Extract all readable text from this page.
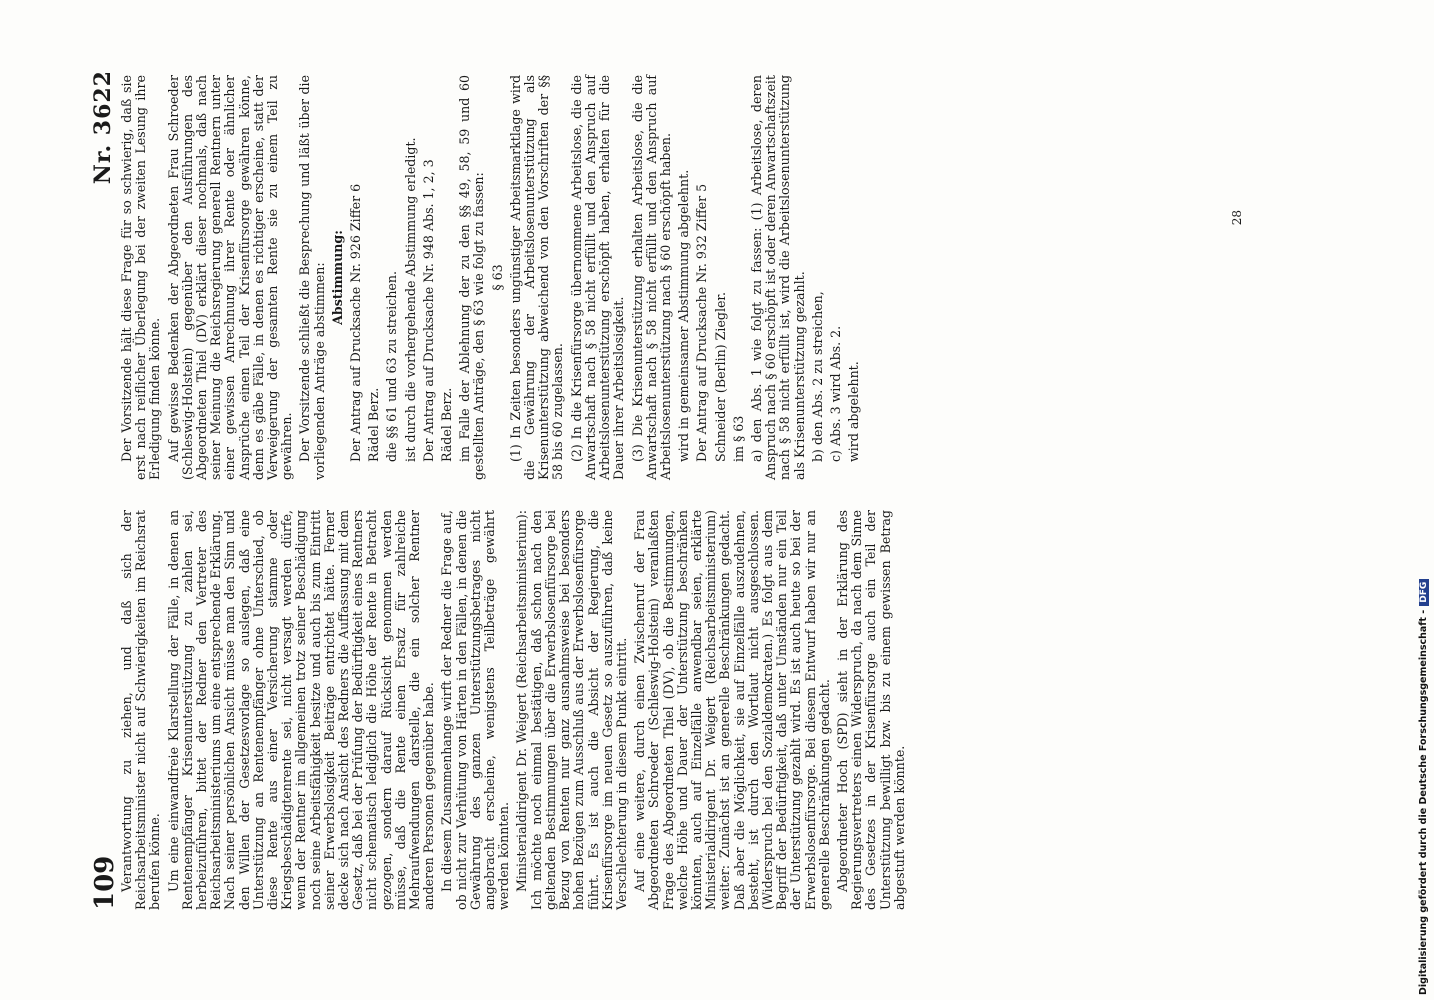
109
Nr. 3622

Verantwortung zu ziehen, und daß sich der Reichsarbeitsminister nicht auf Schwierigkeiten im Reichsrat berufen könne. Um eine einwandfreie Klarstellung der Fälle, in denen an Rentenempfänger Krisenunterstützung zu zahlen sei, herbeizuführen, bittet der Redner den Vertreter des Reichsarbeitsministeriums um eine entsprechende Erklärung. Nach seiner persönlichen Ansicht müsse man den Sinn und den Willen der Gesetzesvorlage so auslegen, daß eine Unterstützung an Rentenempfänger ohne Unterschied, ob diese Rente aus einer Versicherung stamme oder Kriegsbeschädigtenrente sei, nicht versagt werden dürfe, wenn der Rentner im allgemeinen trotz seiner Beschädigung noch seine Arbeitsfähigkeit besitze und auch bis zum Eintritt seiner Erwerbslosigkeit Beiträge entrichtet hätte. Ferner decke sich nach Ansicht des Redners die Auffassung mit dem Gesetz, daß bei der Prüfung der Bedürftigkeit eines Rentners nicht schematisch lediglich die Höhe der Rente in Betracht gezogen, sondern darauf Rücksicht genommen werden müsse, daß die Rente einen Ersatz für zahlreiche Mehraufwendungen darstelle, die ein solcher Rentner anderen Personen gegenüber habe. In diesem Zusammenhange wirft der Redner die Frage auf, ob nicht zur Verhütung von Härten in den Fällen, in denen die Gewährung des ganzen Unterstützungsbetrages nicht angebracht erscheine, wenigstens Teilbeträge gewährt werden könnten. Ministerialdirigent Dr. Weigert (Reichsarbeitsministerium): Ich möchte noch einmal bestätigen, daß schon nach den geltenden Bestimmungen über die Erwerbslosenfürsorge bei Bezug von Renten nur ganz ausnahmsweise bei besonders hohen Bezügen zum Ausschluß aus der Erwerbslosenfürsorge führt. Es ist auch die Absicht der Regierung, die Krisenfürsorge im neuen Gesetz so auszuführen, daß keine Verschlechterung in diesem Punkt eintritt. Auf eine weitere, durch einen Zwischenruf der Frau Abgeordneten Schroeder (Schleswig-Holstein) veranlaßten Frage des Abgeordneten Thiel (DV), ob die Bestimmungen, welche Höhe und Dauer der Unterstützung beschränken könnten, auch auf Einzelfälle anwendbar seien, erklärte Ministerialdirigent Dr. Weigert (Reichsarbeitsministerium) weiter: Zunächst ist an generelle Beschränkungen gedacht. Daß aber die Möglichkeit, sie auf Einzelfälle auszudehnen, besteht, ist durch den Wortlaut nicht ausgeschlossen. (Widerspruch bei den Sozialdemokraten.) Es folgt aus dem Begriff der Bedürftigkeit, daß unter Umständen nur ein Teil der Unterstützung gezahlt wird. Es ist auch heute so bei der Erwerbslosenfürsorge. Bei diesem Entwurf haben wir nur an generelle Beschränkungen gedacht. Abgeordneter Hoch (SPD) sieht in der Erklärung des Regierungsvertreters einen Widerspruch, da nach dem Sinne des Gesetzes in der Krisenfürsorge auch ein Teil der Unterstützung bewilligt bzw. bis zu einem gewissen Betrag abgestuft werden könnte.

Der Vorsitzende hält diese Frage für so schwierig, daß sie erst nach reiflicher Überlegung bei der zweiten Lesung ihre Erledigung finden könne. Auf gewisse Bedenken der Abgeordneten Frau Schroeder (Schleswig-Holstein) gegenüber den Ausführungen des Abgeordneten Thiel (DV) erklärt dieser nochmals, daß nach seiner Meinung die Reichsregierung generell Rentnern unter einer gewissen Anrechnung ihrer Rente oder ähnlicher Ansprüche einen Teil der Krisenfürsorge gewähren könne, denn es gäbe Fälle, in denen es richtiger erscheine, statt der Verweigerung der gesamten Rente sie zu einem Teil zu gewähren. Der Vorsitzende schließt die Besprechung und läßt über die vorliegenden Anträge abstimmen: Abstimmung: Der Antrag auf Drucksache Nr. 926 Ziffer 6 Rädel Berz. die §§ 61 und 63 zu streichen. ist durch die vorhergehende Abstimmung erledigt. Der Antrag auf Drucksache Nr. 948 Abs. 1, 2, 3 Rädel Berz. im Falle der Ablehnung der zu den §§ 49, 58, 59 und 60 gestellten Anträge, den § 63 wie folgt zu fassen: § 63 (1) In Zeiten besonders ungünstiger Arbeitsmarktlage wird die Gewährung der Arbeitslosenunterstützung als Krisenunterstützung abweichend von den Vorschriften der §§ 58 bis 60 zugelassen. (2) In die Krisenfürsorge übernommene Arbeitslose, die die Anwartschaft nach § 58 nicht erfüllt und den Anspruch auf Arbeitslosenunterstützung erschöpft haben, erhalten für die Dauer ihrer Arbeitslosigkeit. (3) Die Krisenunterstützung erhalten Arbeitslose, die die Anwartschaft nach § 58 nicht erfüllt und den Anspruch auf Arbeitslosenunterstützung nach § 60 erschöpft haben. wird in gemeinsamer Abstimmung abgelehnt. Der Antrag auf Drucksache Nr. 932 Ziffer 5 Schneider (Berlin) Ziegler. im § 63 a) den Abs. 1 wie folgt zu fassen: (1) Arbeitslose, deren Anspruch nach § 60 erschöpft ist oder deren Anwartschaftszeit nach § 58 nicht erfüllt ist, wird die Arbeitslosenunterstützung als Krisenunterstützung gezahlt. b) den Abs. 2 zu streichen, c) Abs. 3 wird Abs. 2. wird abgelehnt.

28
Digitalisierung gefördert durch die Deutsche Forschungsgemeinschaft -DFG
